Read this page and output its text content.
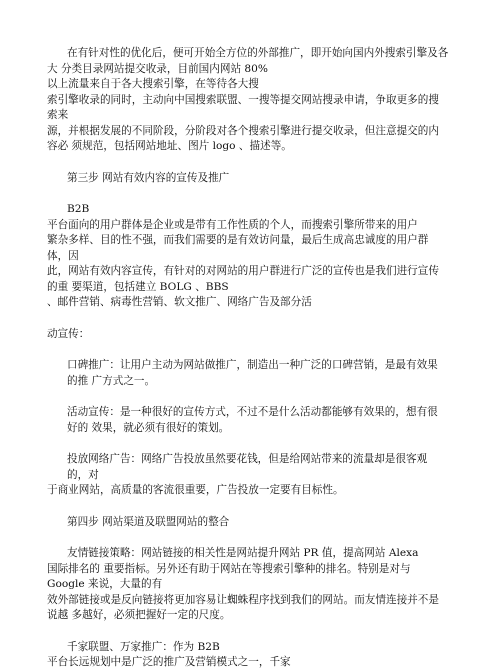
在有针对性的优化后，便可开始全方位的外部推广，即开始向国内外搜索引擎及各
大 分类目录网站提交收录，目前国内网站 80%
以上流量来自于各大搜索引擎，在等待各大搜
索引擎收录的同时，主动向中国搜索联盟、一搜等提交网站搜录申请，争取更多的搜索来
源，并根据发展的不同阶段，分阶段对各个搜索引擎进行提交收录，但注意提交的内容必 须规范，包括网站地址、图片 logo 、描述等。
第三步 网站有效内容的宣传及推广
B2B
平台面向的用户群体是企业或是带有工作性质的个人，而搜索引擎所带来的用户
繁杂多样、目的性不强，而我们需要的是有效访问量，最后生成高忠诚度的用户群体，因
此，网站有效内容宣传，有针对的对网站的用户群进行广泛的宣传也是我们进行宣传的重 要渠道，包括建立 BOLG 、BBS
、邮件营销、病毒性营销、软文推广、网络广告及部分活
动宣传：
口碑推广：让用户主动为网站做推广，制造出一种广泛的口碑营销，是最有效果的推 广方式之一。
活动宣传：是一种很好的宣传方式，不过不是什么活动都能够有效果的，想有很好的 效果，就必须有很好的策划。
投放网络广告：网络广告投放虽然要花钱，但是给网站带来的流量却是很客观的，对
于商业网站，高质量的客流很重要，广告投放一定要有目标性。
第四步 网站渠道及联盟网站的整合
友情链接策略：网站链接的相关性是网站提升网站 PR 值，提高网站 Alexa
国际排名的 重要指标。另外还有助于网站在等搜索引擎种的排名。特别是对与 Google 来说，大量的有
效外部链接或是反向链接将更加容易让蜘蛛程序找到我们的网站。而友情连接并不是说越 多越好，必须把握好一定的尺度。
千家联盟、万家推广：作为 B2B
平台长远规划中是广泛的推广及营销模式之一，千家
